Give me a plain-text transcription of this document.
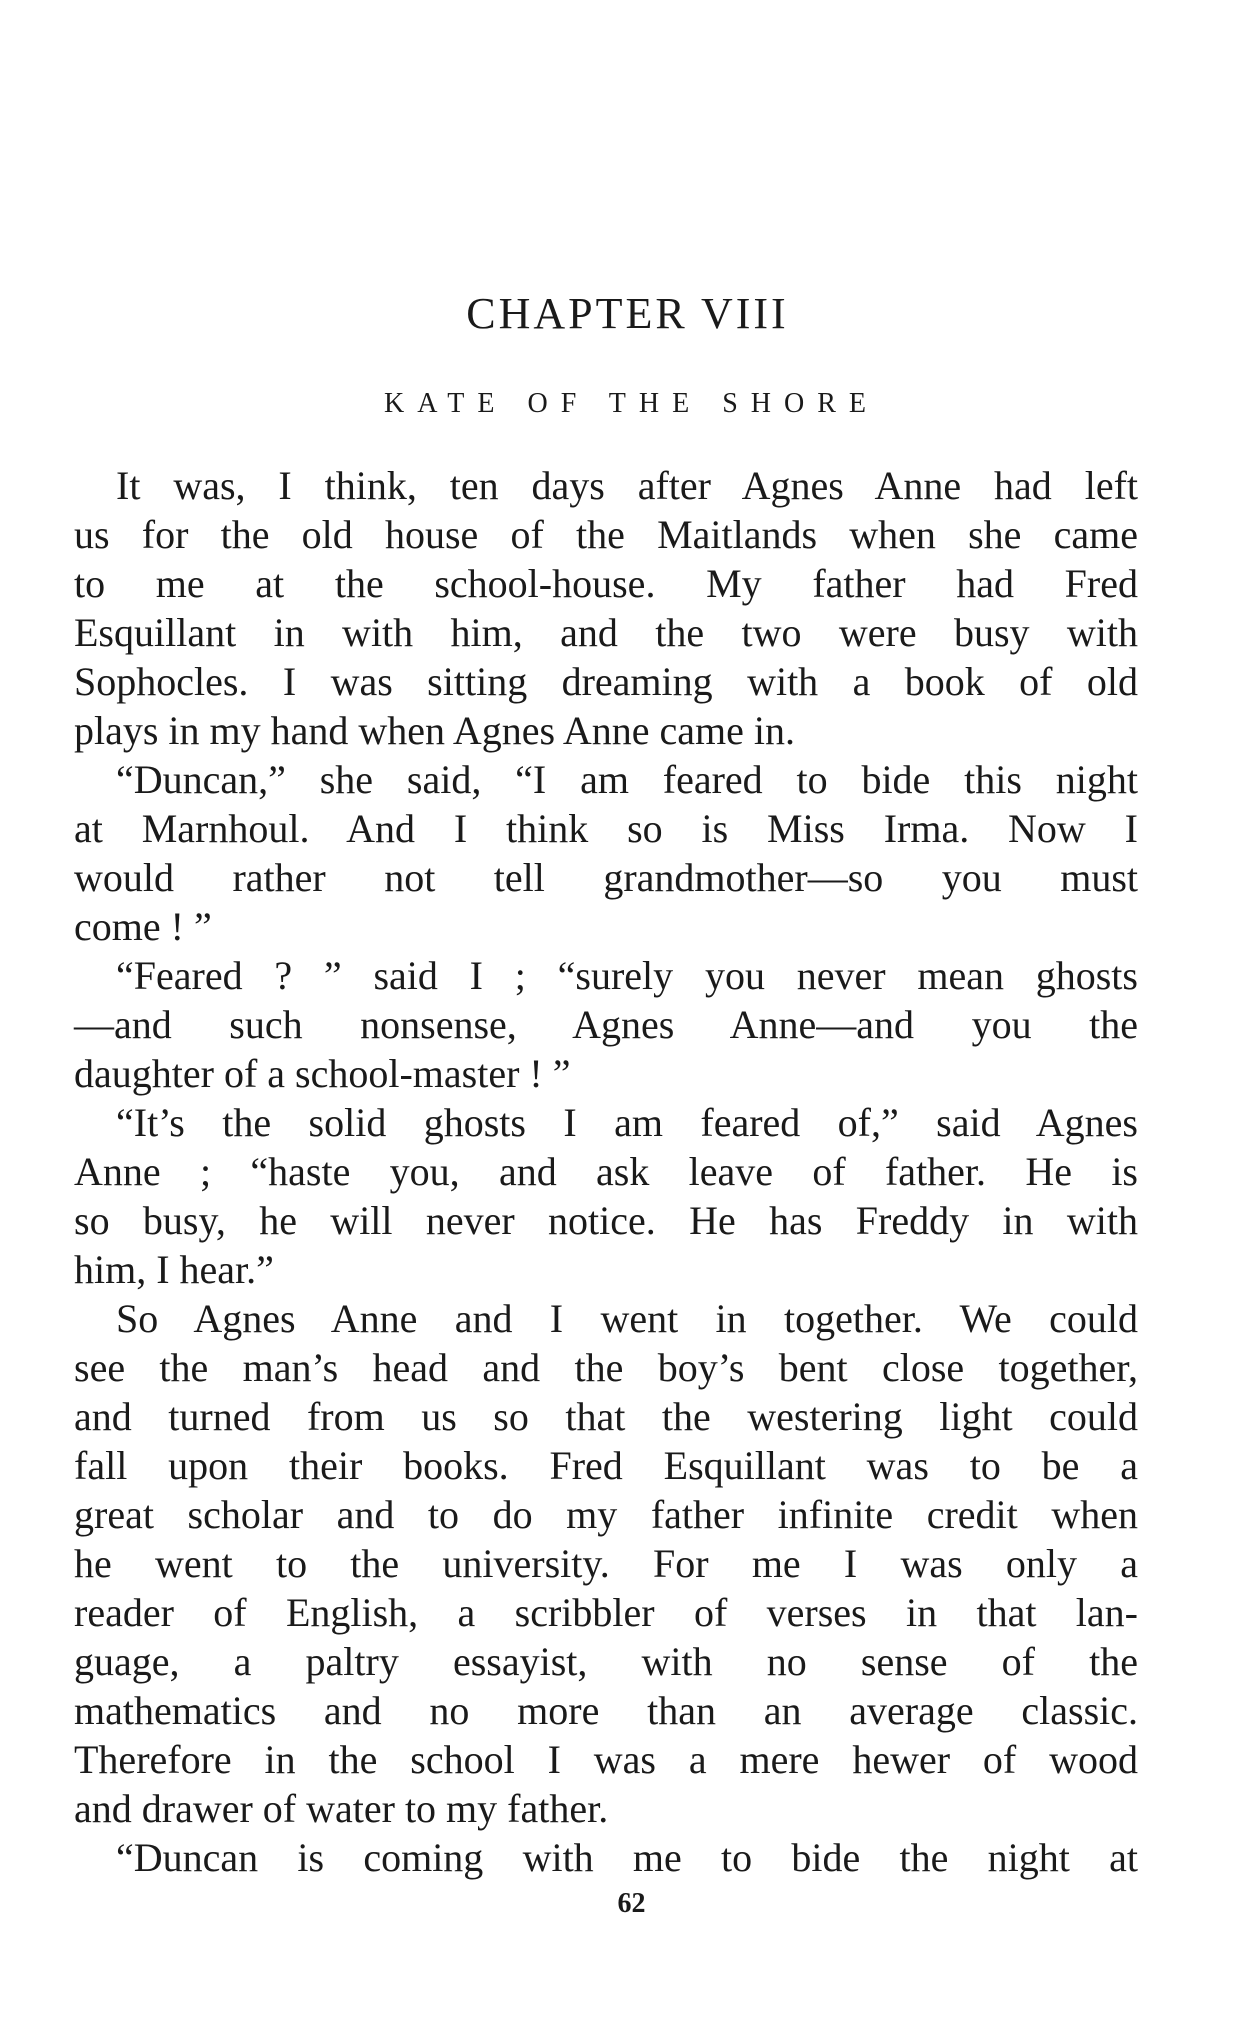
CHAPTER VIII
KATE OF THE SHORE
It was, I think, ten days after Agnes Anne had left
us for the old house of the Maitlands when she came
to me at the school-house. My father had Fred
Esquillant in with him, and the two were busy with
Sophocles. I was sitting dreaming with a book of old
plays in my hand when Agnes Anne came in.
“Duncan,” she said, “I am feared to bide this night
at Marnhoul. And I think so is Miss Irma. Now I
would rather not tell grandmother—so you must
come ! ”
“Feared ? ” said I ; “surely you never mean ghosts
—and such nonsense, Agnes Anne—and you the
daughter of a school-master ! ”
“It’s the solid ghosts I am feared of,” said Agnes
Anne ; “haste you, and ask leave of father. He is
so busy, he will never notice. He has Freddy in with
him, I hear.”
So Agnes Anne and I went in together. We could
see the man’s head and the boy’s bent close together,
and turned from us so that the westering light could
fall upon their books. Fred Esquillant was to be a
great scholar and to do my father infinite credit when
he went to the university. For me I was only a
reader of English, a scribbler of verses in that lan-
guage, a paltry essayist, with no sense of the
mathematics and no more than an average classic.
Therefore in the school I was a mere hewer of wood
and drawer of water to my father.
“Duncan is coming with me to bide the night at
62
